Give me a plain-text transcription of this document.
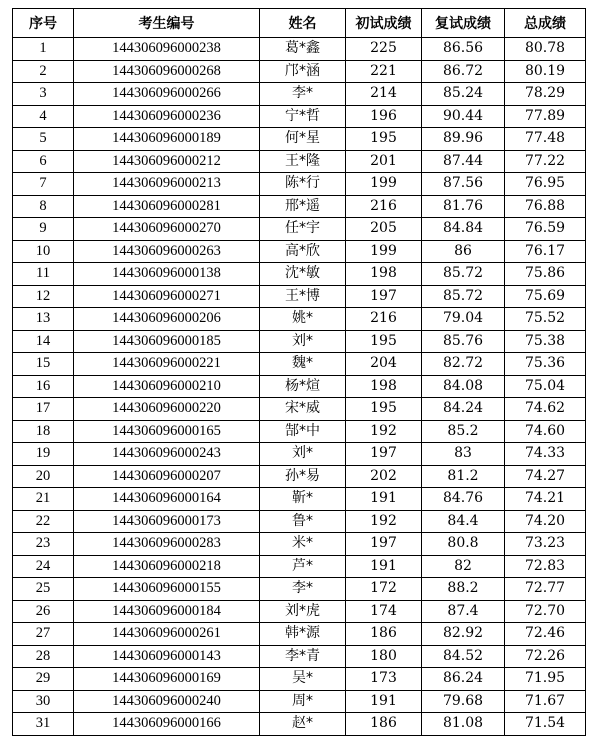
序号	考生编号	姓名	初试成绩	复试成绩	总成绩
1	144306096000238	葛*鑫	225	86.56	80.78
2	144306096000268	邝*涵	221	86.72	80.19
3	144306096000266	李*	214	85.24	78.29
4	144306096000236	宁*哲	196	90.44	77.89
5	144306096000189	何*星	195	89.96	77.48
6	144306096000212	王*隆	201	87.44	77.22
7	144306096000213	陈*行	199	87.56	76.95
8	144306096000281	邢*遥	216	81.76	76.88
9	144306096000270	任*宇	205	84.84	76.59
10	144306096000263	高*欣	199	86	76.17
11	144306096000138	沈*敏	198	85.72	75.86
12	144306096000271	王*博	197	85.72	75.69
13	144306096000206	姚*	216	79.04	75.52
14	144306096000185	刘*	195	85.76	75.38
15	144306096000221	魏*	204	82.72	75.36
16	144306096000210	杨*煊	198	84.08	75.04
17	144306096000220	宋*威	195	84.24	74.62
18	144306096000165	郜*中	192	85.2	74.60
19	144306096000243	刘*	197	83	74.33
20	144306096000207	孙*易	202	81.2	74.27
21	144306096000164	靳*	191	84.76	74.21
22	144306096000173	鲁*	192	84.4	74.20
23	144306096000283	米*	197	80.8	73.23
24	144306096000218	芦*	191	82	72.83
25	144306096000155	李*	172	88.2	72.77
26	144306096000184	刘*虎	174	87.4	72.70
27	144306096000261	韩*源	186	82.92	72.46
28	144306096000143	李*青	180	84.52	72.26
29	144306096000169	吴*	173	86.24	71.95
30	144306096000240	周*	191	79.68	71.67
31	144306096000166	赵*	186	81.08	71.54
